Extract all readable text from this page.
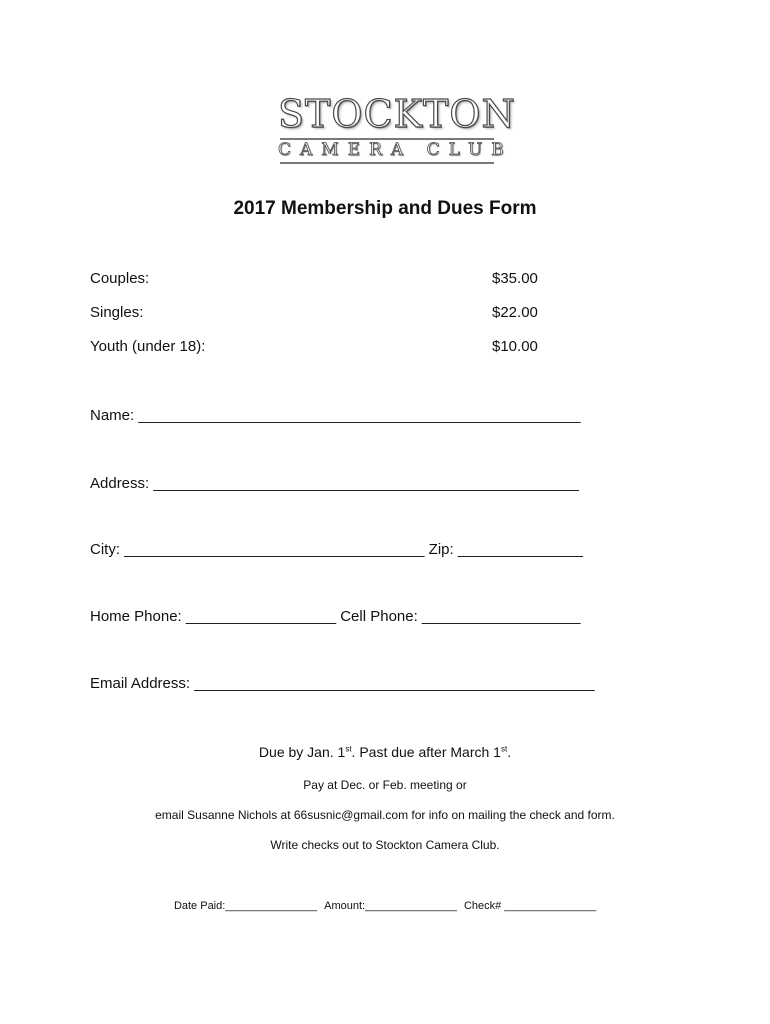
STOCKTON
CAMERA CLUB
2017 Membership and Dues Form
Couples:	$35.00
Singles:	$22.00
Youth (under 18):	$10.00
Name: _____________________________________________________
Address: ___________________________________________________
City: ____________________________________ Zip: _______________
Home Phone: __________________ Cell Phone: ___________________
Email Address: ________________________________________________
Due by Jan. 1st. Past due after March 1st.
Pay at Dec. or Feb. meeting or
email Susanne Nichols at 66susnic@gmail.com for info on mailing the check and form.
Write checks out to Stockton Camera Club.
Date Paid:_______________ Amount:_______________ Check# _______________
